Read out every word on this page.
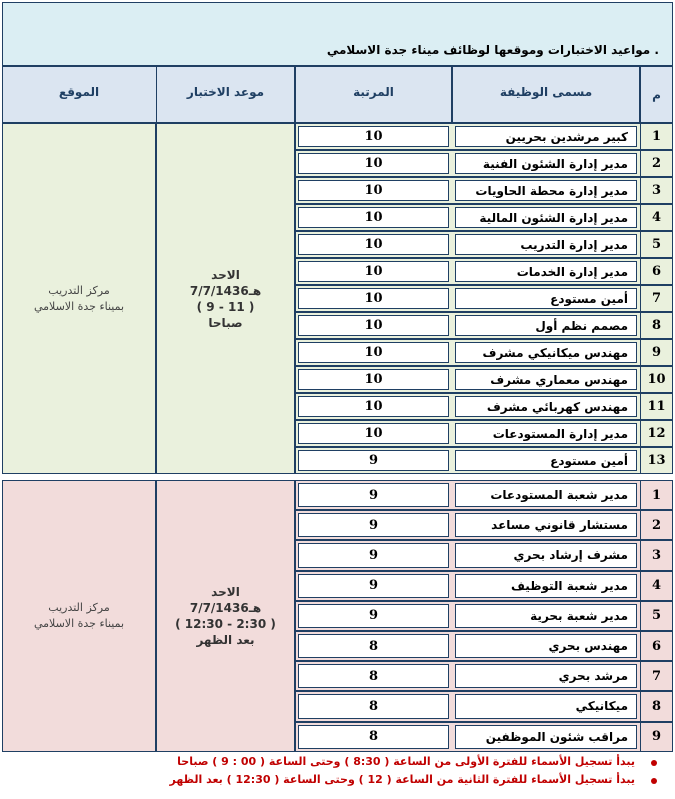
مواعيد الاختبارات وموقعها لوظائف ميناء جدة الاسلامي .
الموقع	موعد الاختبار	المرتبة	مسمى الوظيفة	م
مركز التدريب
بميناء جدة الاسلامي
الاحد
7/7/1436هـ
( 9 - 11 )
صباحا
10	كبير مرشدين بحريين	1
10	مدير إدارة الشئون الفنية	2
10	مدير إدارة محطة الحاويات	3
10	مدير إدارة الشئون المالية	4
10	مدير إدارة التدريب	5
10	مدير إدارة الخدمات	6
10	أمين مستودع	7
10	مصمم نظم أول	8
10	مهندس ميكانيكي مشرف	9
10	مهندس معماري مشرف	10
10	مهندس كهربائي مشرف	11
10	مدير إدارة المستودعات	12
9	أمين مستودع	13
مركز التدريب
بميناء جدة الاسلامي
الاحد
7/7/1436هـ
( 12:30 - 2:30 )
بعد الظهر
9	مدير شعبة المستودعات	1
9	مستشار قانوني مساعد	2
9	مشرف إرشاد بحري	3
9	مدير شعبة التوظيف	4
9	مدير شعبة بحرية	5
8	مهندس بحري	6
8	مرشد بحري	7
8	ميكانيكي	8
8	مراقب شئون الموظفين	9
يبدأ تسجيل الأسماء للفترة الأولى من الساعة ( 8:30 ) وحتى الساعة ( 00 : 9 ) صباحا
يبدأ تسجيل الأسماء للفترة الثانية من الساعة ( 12 ) وحتى الساعة ( 12:30 ) بعد الظهر
